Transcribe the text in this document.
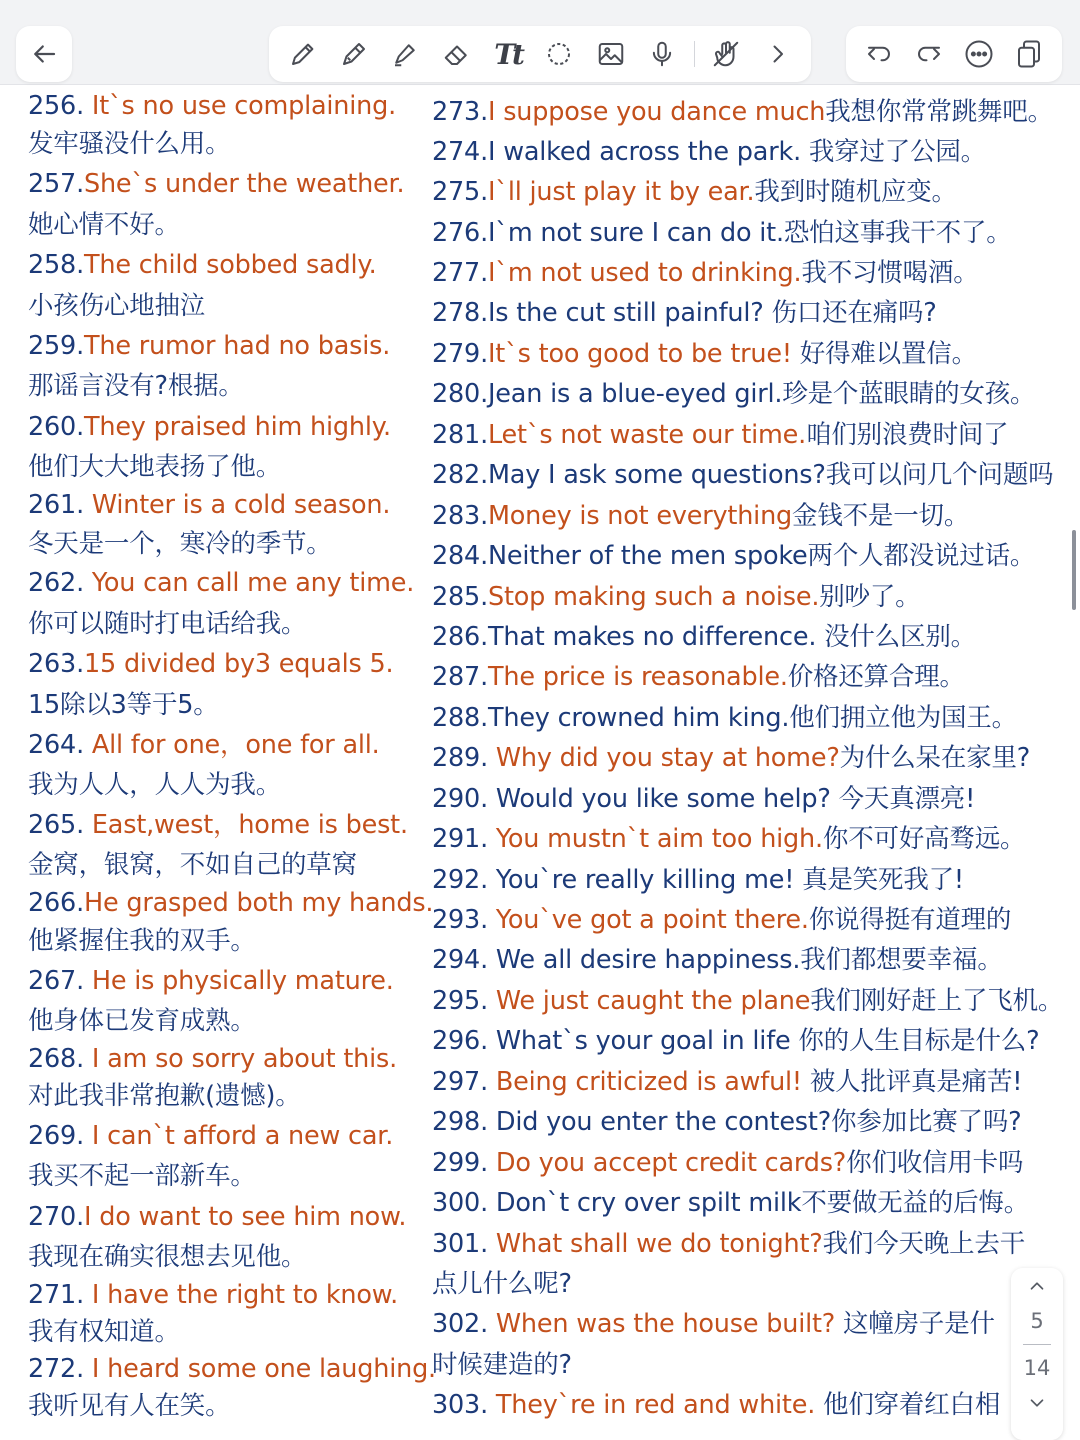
Tt
256. It`s no use complaining.
发牢骚没什么用。
257.She`s under the weather.
她心情不好。
258.The child sobbed sadly.
小孩伤心地抽泣
259.The rumor had no basis.
那谣言没有?根据。
260.They praised him highly.
他们大大地表扬了他。
261. Winter is a cold season.
冬天是一个，寒冷的季节。
262. You can call me any time.
你可以随时打电话给我。
263.15 divided by3 equals 5.
15除以3等于5。
264. All for one，one for all.
我为人人，人人为我。
265. East,west，home is best.
金窝，银窝，不如自己的草窝
266.He grasped both my hands.
他紧握住我的双手。
267. He is physically mature.
他身体已发育成熟。
268. I am so sorry about this.
对此我非常抱歉(遗憾)。
269. I can`t afford a new car.
我买不起一部新车。
270.I do want to see him now.
我现在确实很想去见他。
271. I have the right to know.
我有权知道。
272. I heard some one laughing.
我听见有人在笑。
273.I suppose you dance much我想你常常跳舞吧。
274.I walked across the park. 我穿过了公园。
275.I`ll just play it by ear.我到时随机应变。
276.I`m not sure I can do it.恐怕这事我干不了。
277.I`m not used to drinking.我不习惯喝酒。
278.Is the cut still painful? 伤口还在痛吗?
279.It`s too good to be true! 好得难以置信。
280.Jean is a blue-eyed girl.珍是个蓝眼睛的女孩。
281.Let`s not waste our time.咱们别浪费时间了
282.May I ask some questions?我可以问几个问题吗
283.Money is not everything金钱不是一切。
284.Neither of the men spoke两个人都没说过话。
285.Stop making such a noise.别吵了。
286.That makes no difference. 没什么区别。
287.The price is reasonable.价格还算合理。
288.They crowned him king.他们拥立他为国王。
289. Why did you stay at home?为什么呆在家里?
290. Would you like some help? 今天真漂亮!
291. You mustn`t aim too high.你不可好高骛远。
292. You`re really killing me! 真是笑死我了!
293. You`ve got a point there.你说得挺有道理的
294. We all desire happiness.我们都想要幸福。
295. We just caught the plane我们刚好赶上了飞机。
296. What`s your goal in life 你的人生目标是什么?
297. Being criticized is awful! 被人批评真是痛苦!
298. Did you enter the contest?你参加比赛了吗?
299. Do you accept credit cards?你们收信用卡吗
300. Don`t cry over spilt milk不要做无益的后悔。
301. What shall we do tonight?我们今天晚上去干
点儿什么呢?
302. When was the house built? 这幢房子是什
时候建造的?
303. They`re in red and white. 他们穿着红白相
5
14
